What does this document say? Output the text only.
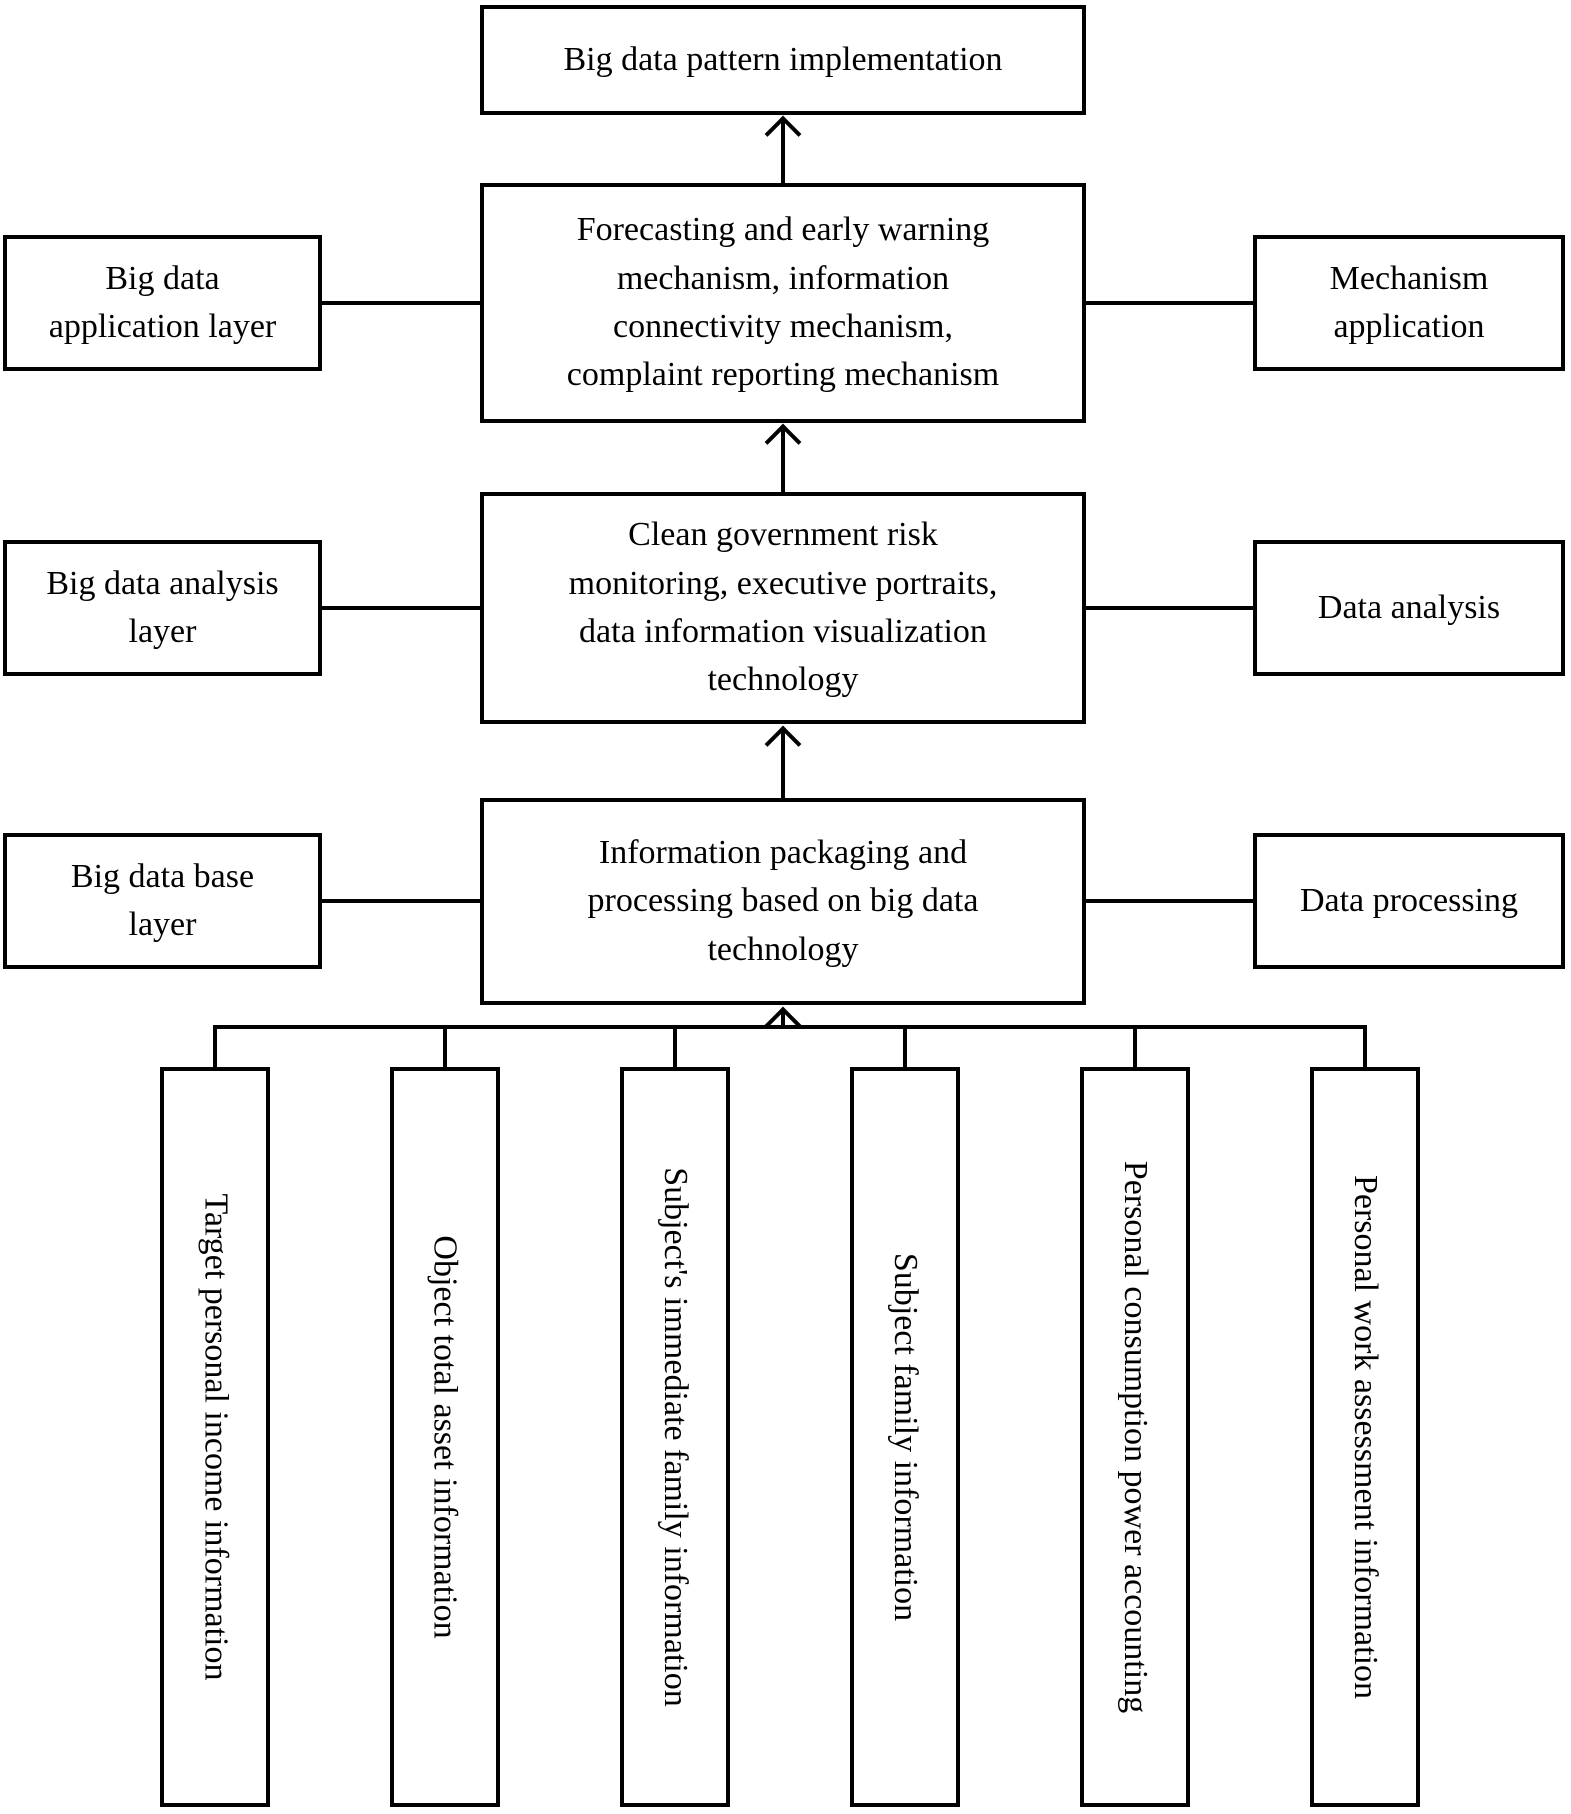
Big data pattern implementation
Forecasting and early warning
mechanism, information
connectivity mechanism,
complaint reporting mechanism
Big data
application layer
Mechanism
application
Clean government risk
monitoring, executive portraits,
data information visualization
technology
Big data analysis
layer
Data analysis
Information packaging and
processing based on big data
technology
Big data base
layer
Data processing
Target personal income information	Object total asset information	Subject's immediate family information	Subject family information	Personal consumption power accounting	Personal work assessment information
